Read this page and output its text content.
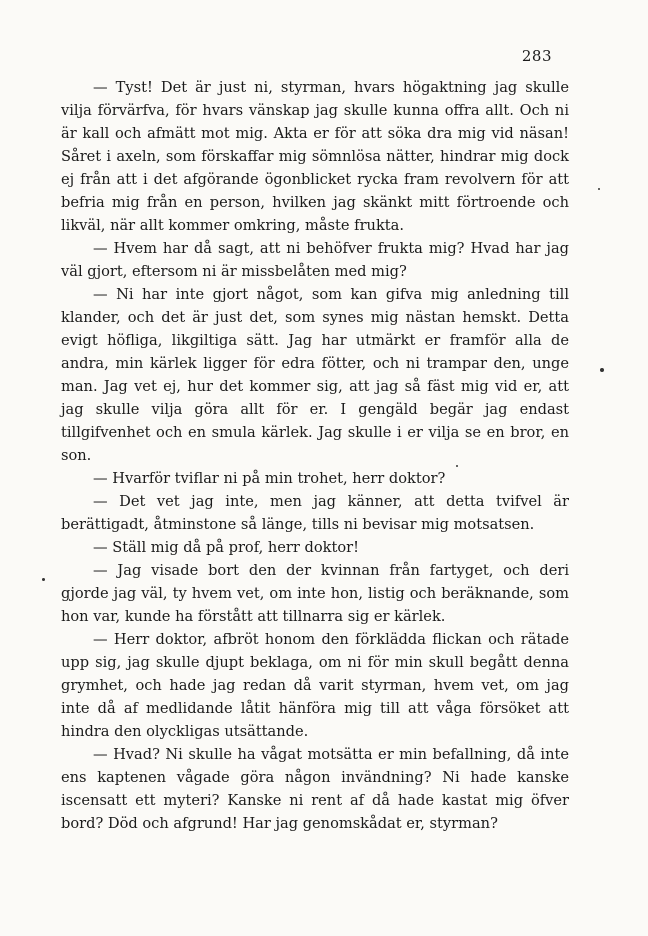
283

— Tyst! Det är just ni, styrman, hvars högaktning jag skulle vilja förvärfva, för hvars vänskap jag skulle kunna offra allt. Och ni är kall och afmätt mot mig. Akta er för att söka dra mig vid näsan! Såret i axeln, som förskaffar mig sömnlösa nätter, hindrar mig dock ej från att i det afgörande ögonblicket rycka fram revolvern för att befria mig från en person, hvilken jag skänkt mitt förtroende och likväl, när allt kommer omkring, måste frukta.

— Hvem har då sagt, att ni behöfver frukta mig? Hvad har jag väl gjort, eftersom ni är missbelåten med mig?

— Ni har inte gjort något, som kan gifva mig anledning till klander, och det är just det, som synes mig nästan hemskt. Detta evigt höfliga, likgiltiga sätt. Jag har utmärkt er framför alla de andra, min kärlek ligger för edra fötter, och ni trampar den, unge man. Jag vet ej, hur det kommer sig, att jag så fäst mig vid er, att jag skulle vilja göra allt för er. I gengäld begär jag endast tillgifvenhet och en smula kärlek. Jag skulle i er vilja se en bror, en son.

— Hvarför tviflar ni på min trohet, herr doktor?

— Det vet jag inte, men jag känner, att detta tvifvel är berättigadt, åtminstone så länge, tills ni bevisar mig motsatsen.

— Ställ mig då på prof, herr doktor!

— Jag visade bort den der kvinnan från fartyget, och deri gjorde jag väl, ty hvem vet, om inte hon, listig och beräknande, som hon var, kunde ha förstått att tillnarra sig er kärlek.

— Herr doktor, afbröt honom den förklädda flickan och rätade upp sig, jag skulle djupt beklaga, om ni för min skull begått denna grymhet, och hade jag redan då varit styrman, hvem vet, om jag inte då af medlidande låtit hänföra mig till att våga försöket att hindra den olyckligas utsättande.

— Hvad? Ni skulle ha vågat motsätta er min befallning, då inte ens kaptenen vågade göra någon invändning? Ni hade kanske iscensatt ett myteri? Kanske ni rent af då hade kastat mig öfver bord? Död och afgrund! Har jag genomskådat er, styrman?
